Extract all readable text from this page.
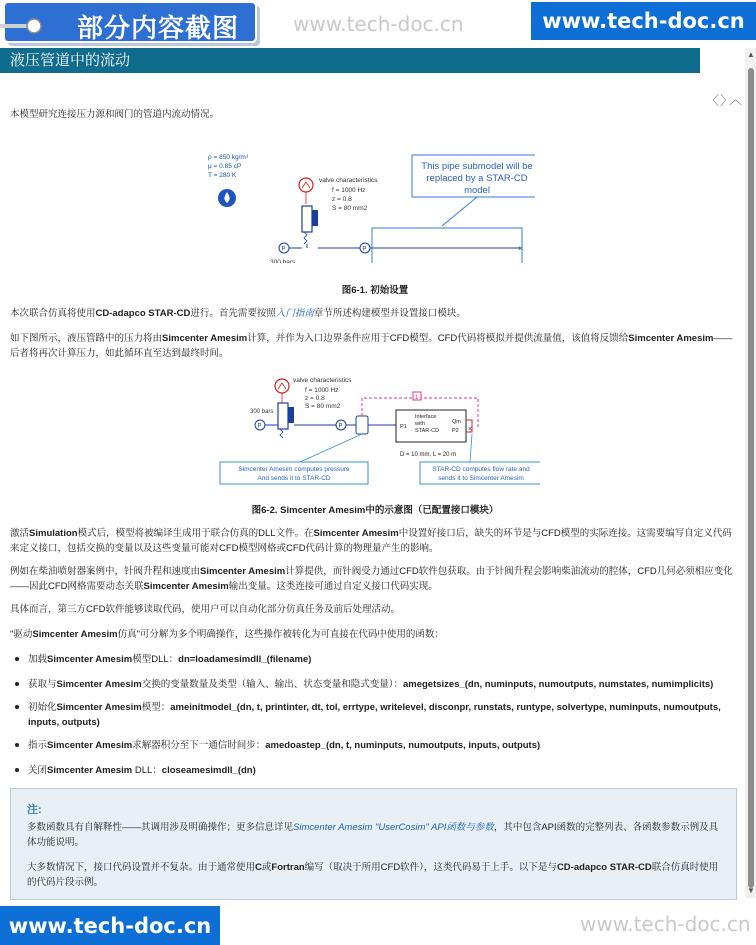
部分内容截图	www.tech-doc.cn	www.tech-doc.cn
液压管道中的流动	▲
▼
〈 〉
︿
本模型研究连接压力源和阀门的管道内流动情况。
ρ = 850 kg/m³
μ = 0.85 cP
T = 280 K
valve characteristics
f = 1000 Hz
z = 0.8
S = 80 mm2
P
300 bars
P	×
This pipe submodel will be
replaced by a STAR-CD
model
图6-1. 初始设置
本次联合仿真将使用CD-adapco STAR-CD进行。首先需要按照入门指南章节所述构建模型并设置接口模块。
如下图所示，液压管路中的压力将由Simcenter Amesim计算，并作为入口边界条件应用于CFD模型。CFD代码将模拟并提供流量值，该值将反馈给Simcenter Amesim——后者将再次计算压力，如此循环直至达到最终时间。
valve characteristics
f = 1000 Hz
z = 0.8
S = 80 mm2
300 bars
P	P	P1
Interface
with
STAR-CD
Qm
P2 ×
1
D = 10 mm, L = 20 m
Simcenter Amesim computes pressure
And sends it to STAR-CD
STAR-CD computes flow rate and
sends it to Simcenter Amesim
图6-2. Simcenter Amesim中的示意图（已配置接口模块）
激活Simulation模式后，模型将被编译生成用于联合仿真的DLL文件。在Simcenter Amesim中设置好接口后，缺失的环节是与CFD模型的实际连接。这需要编写自定义代码来定义接口，包括交换的变量以及这些变量可能对CFD模型网格或CFD代码计算的物理量产生的影响。
例如在柴油喷射器案例中，针阀升程和速度由Simcenter Amesim计算提供，而针阀受力通过CFD软件包获取。由于针阀升程会影响柴油流动的腔体，CFD几何必须相应变化——因此CFD网格需要动态关联Simcenter Amesim输出变量。这类连接可通过自定义接口代码实现。
具体而言，第三方CFD软件能够读取代码，使用户可以自动化部分仿真任务及前后处理活动。
"驱动Simcenter Amesim仿真"可分解为多个明确操作，这些操作被转化为可直接在代码中使用的函数：
加载Simcenter Amesim模型DLL：dn=loadamesimdll_(filename)
获取与Simcenter Amesim交换的变量数量及类型（输入、输出、状态变量和隐式变量）：amegetsizes_(dn, numinputs, numoutputs, numstates, numimplicits)
初始化Simcenter Amesim模型：ameinitmodel_(dn, t, printinter, dt, tol, errtype, writelevel, disconpr, runstats, runtype, solvertype, numinputs, numoutputs, inputs, outputs)
指示Simcenter Amesim求解器积分至下一通信时间步：amedoastep_(dn, t, numinputs, numoutputs, inputs, outputs)
关闭Simcenter Amesim DLL：closeamesimdll_(dn)
注:
多数函数具有自解释性——其调用涉及明确操作；更多信息详见Simcenter Amesim "UserCosim" API函数与参数，其中包含API函数的完整列表、各函数参数示例及具体功能说明。
大多数情况下，接口代码设置并不复杂。由于通常使用C或Fortran编写（取决于所用CFD软件），这类代码易于上手。以下是与CD-adapco STAR-CD联合仿真时使用的代码片段示例。
www.tech-doc.cn	www.tech-doc.cn
